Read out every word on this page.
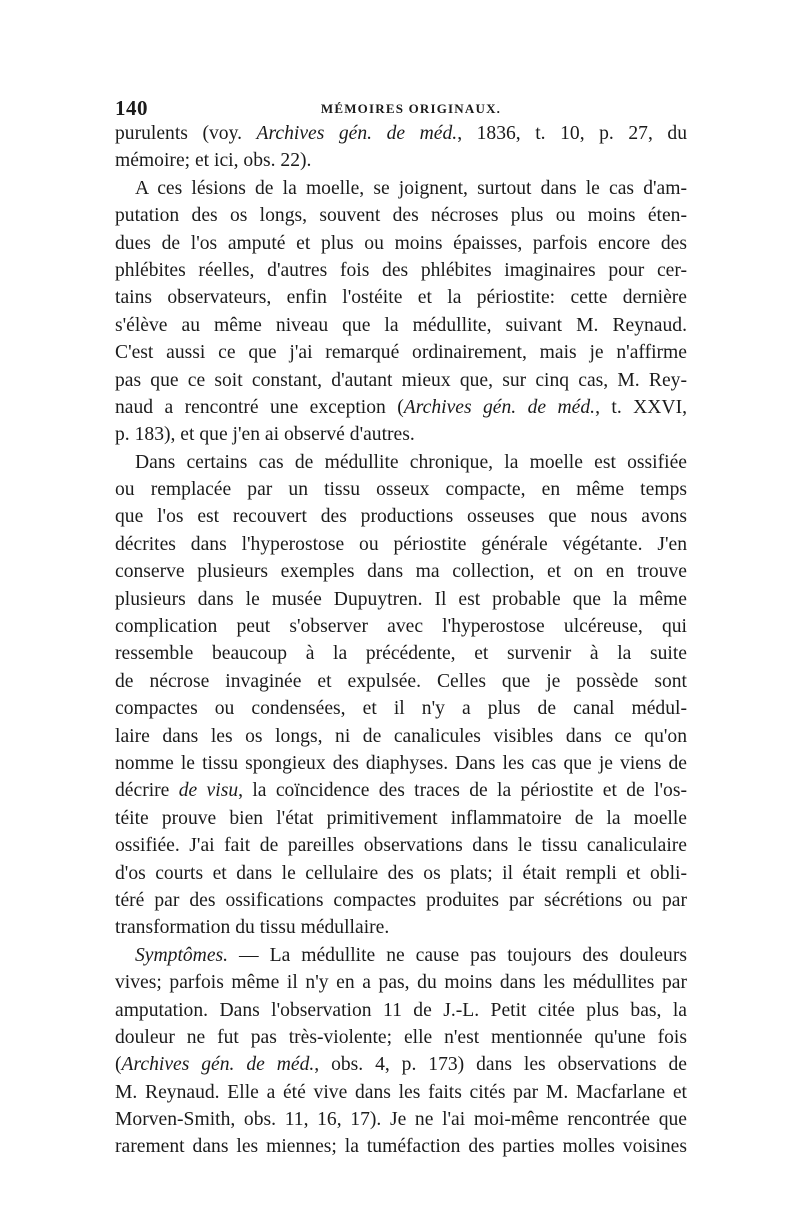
140	MÉMOIRES ORIGINAUX.
purulents (voy. Archives gén. de méd., 1836, t. 10, p. 27, du
mémoire; et ici, obs. 22).
A ces lésions de la moelle, se joignent, surtout dans le cas d'am-
putation des os longs, souvent des nécroses plus ou moins éten-
dues de l'os amputé et plus ou moins épaisses, parfois encore des
phlébites réelles, d'autres fois des phlébites imaginaires pour cer-
tains observateurs, enfin l'ostéite et la périostite: cette dernière
s'élève au même niveau que la médullite, suivant M. Reynaud.
C'est aussi ce que j'ai remarqué ordinairement, mais je n'affirme
pas que ce soit constant, d'autant mieux que, sur cinq cas, M. Rey-
naud a rencontré une exception (Archives gén. de méd., t. XXVI,
p. 183), et que j'en ai observé d'autres.
Dans certains cas de médullite chronique, la moelle est ossifiée
ou remplacée par un tissu osseux compacte, en même temps
que l'os est recouvert des productions osseuses que nous avons
décrites dans l'hyperostose ou périostite générale végétante. J'en
conserve plusieurs exemples dans ma collection, et on en trouve
plusieurs dans le musée Dupuytren. Il est probable que la même
complication peut s'observer avec l'hyperostose ulcéreuse, qui
ressemble beaucoup à la précédente, et survenir à la suite
de nécrose invaginée et expulsée. Celles que je possède sont
compactes ou condensées, et il n'y a plus de canal médul-
laire dans les os longs, ni de canalicules visibles dans ce qu'on
nomme le tissu spongieux des diaphyses. Dans les cas que je viens de
décrire de visu, la coïncidence des traces de la périostite et de l'os-
téite prouve bien l'état primitivement inflammatoire de la moelle
ossifiée. J'ai fait de pareilles observations dans le tissu canaliculaire
d'os courts et dans le cellulaire des os plats; il était rempli et obli-
téré par des ossifications compactes produites par sécrétions ou par
transformation du tissu médullaire.
Symptômes. — La médullite ne cause pas toujours des douleurs
vives; parfois même il n'y en a pas, du moins dans les médullites par
amputation. Dans l'observation 11 de J.-L. Petit citée plus bas, la
douleur ne fut pas très-violente; elle n'est mentionnée qu'une fois
(Archives gén. de méd., obs. 4, p. 173) dans les observations de
M. Reynaud. Elle a été vive dans les faits cités par M. Macfarlane et
Morven-Smith, obs. 11, 16, 17). Je ne l'ai moi-même rencontrée que
rarement dans les miennes; la tuméfaction des parties molles voisines
